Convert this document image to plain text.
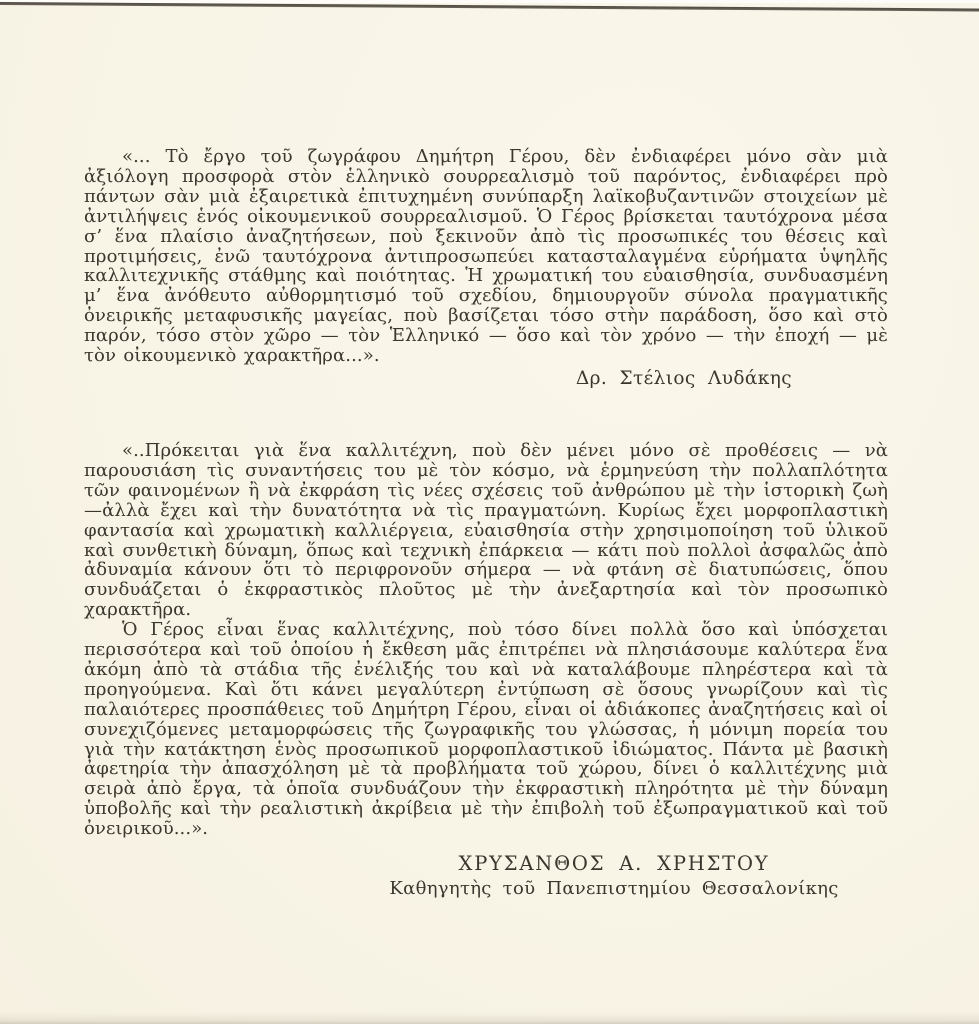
«... Τὸ ἔργο τοῦ ζωγράφου Δημήτρη Γέρου, δὲν ἐνδιαφέρει μόνο σὰν μιὰ ἀξιόλογη προσφορὰ στὸν ἑλληνικὸ σουρρεαλισμὸ τοῦ παρόντος, ἐνδιαφέρει πρὸ πάντων σὰν μιὰ ἐξαιρετικὰ ἐπιτυχημένη συνύπαρξη λαϊκοβυζαντινῶν στοιχείων μὲ ἀντιλήψεις ἑνός οἰκουμενικοῦ σουρρεαλισμοῦ. Ὁ Γέρος βρίσκεται ταυτόχρονα μέσα σ’ ἕνα πλαίσιο ἀναζητήσεων, ποὺ ξεκινοῦν ἀπὸ τὶς προσωπικές του θέσεις καὶ προτιμήσεις, ἐνῶ ταυτόχρονα ἀντιπροσωπεύει κατασταλαγμένα εὑρήματα ὑψηλῆς καλλιτεχνικῆς στάθμης καὶ ποιότητας. Ἡ χρωματική του εὐαισθησία, συνδυασμένη μ’ ἕνα ἀνόθευτο αὐθορμητισμό τοῦ σχεδίου, δημιουργοῦν σύνολα πραγματικῆς ὀνειρικῆς μεταφυσικῆς μαγείας, ποὺ βασίζεται τόσο στὴν παράδοση, ὅσο καὶ στὸ παρόν, τόσο στὸν χῶρο — τὸν Ἑλληνικό — ὅσο καὶ τὸν χρόνο — τὴν ἐποχή — μὲ τὸν οἰκουμενικὸ χαρακτῆρα...».

Δρ. Στέλιος Λυδάκης

«..Πρόκειται γιὰ ἕνα καλλιτέχνη, ποὺ δὲν μένει μόνο σὲ προθέσεις — νὰ παρουσιάση τὶς συναντήσεις του μὲ τὸν κόσμο, νὰ ἑρμηνεύση τὴν πολλαπλότητα τῶν φαινομένων ἢ νὰ ἐκφράση τὶς νέες σχέσεις τοῦ ἀνθρώπου μὲ τὴν ἱστορικὴ ζωὴ—ἀλλὰ ἔχει καὶ τὴν δυνατότητα νὰ τὶς πραγματώνη. Κυρίως ἔχει μορφοπλαστικὴ φαντασία καὶ χρωματικὴ καλλιέργεια, εὐαισθησία στὴν χρησιμοποίηση τοῦ ὑλικοῦ καὶ συνθετικὴ δύναμη, ὅπως καὶ τεχνικὴ ἐπάρκεια — κάτι ποὺ πολλοὶ ἀσφαλῶς ἀπὸ ἀδυναμία κάνουν ὅτι τὸ περιφρονοῦν σήμερα — νὰ φτάνη σὲ διατυπώσεις, ὅπου συνδυάζεται ὁ ἐκφραστικὸς πλοῦτος μὲ τὴν ἀνεξαρτησία καὶ τὸν προσωπικὸ χαρακτῆρα.

Ὁ Γέρος εἶναι ἕνας καλλιτέχνης, ποὺ τόσο δίνει πολλὰ ὅσο καὶ ὑπόσχεται περισσότερα καὶ τοῦ ὁποίου ἡ ἔκθεση μᾶς ἐπιτρέπει νὰ πλησιάσουμε καλύτερα ἕνα ἀκόμη ἀπὸ τὰ στάδια τῆς ἐνέλιξής του καὶ νὰ καταλάβουμε πληρέστερα καὶ τὰ προηγούμενα. Καὶ ὅτι κάνει μεγαλύτερη ἐντύπωση σὲ ὅσους γνωρίζουν καὶ τὶς παλαιότερες προσπάθειες τοῦ Δημήτρη Γέρου, εἶναι οἱ ἀδιάκοπες ἀναζητήσεις καὶ οἱ συνεχιζόμενες μεταμορφώσεις τῆς ζωγραφικῆς του γλώσσας, ἡ μόνιμη πορεία του γιὰ τὴν κατάκτηση ἑνὸς προσωπικοῦ μορφοπλαστικοῦ ἰδιώματος. Πάντα μὲ βασικὴ ἀφετηρία τὴν ἀπασχόληση μὲ τὰ προβλήματα τοῦ χώρου, δίνει ὁ καλλιτέχνης μιὰ σειρὰ ἀπὸ ἔργα, τὰ ὁποῖα συνδυάζουν τὴν ἐκφραστικὴ πληρότητα μὲ τὴν δύναμη ὑποβολῆς καὶ τὴν ρεαλιστικὴ ἀκρίβεια μὲ τὴν ἐπιβολὴ τοῦ ἐξωπραγματικοῦ καὶ τοῦ ὀνειρικοῦ...».

ΧΡΥΣΑΝΘΟΣ Α. ΧΡΗΣΤΟΥ
Καθηγητὴς τοῦ Πανεπιστημίου Θεσσαλονίκης
